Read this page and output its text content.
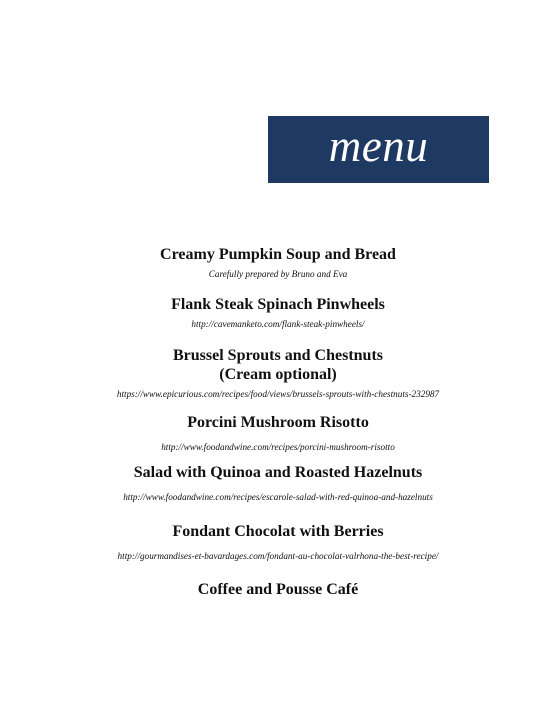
menu
Creamy Pumpkin Soup and Bread
Carefully prepared by Bruno and Eva
Flank Steak Spinach Pinwheels
http://cavemanketo.com/flank-steak-pinwheels/
Brussel Sprouts and Chestnuts
(Cream optional)
https://www.epicurious.com/recipes/food/views/brussels-sprouts-with-chestnuts-232987
Porcini Mushroom Risotto
http://www.foodandwine.com/recipes/porcini-mushroom-risotto
Salad with Quinoa and Roasted Hazelnuts
http://www.foodandwine.com/recipes/escarole-salad-with-red-quinoa-and-hazelnuts
Fondant Chocolat with Berries
http://gourmandises-et-bavardages.com/fondant-au-chocolat-valrhona-the-best-recipe/
Coffee and Pousse Café
